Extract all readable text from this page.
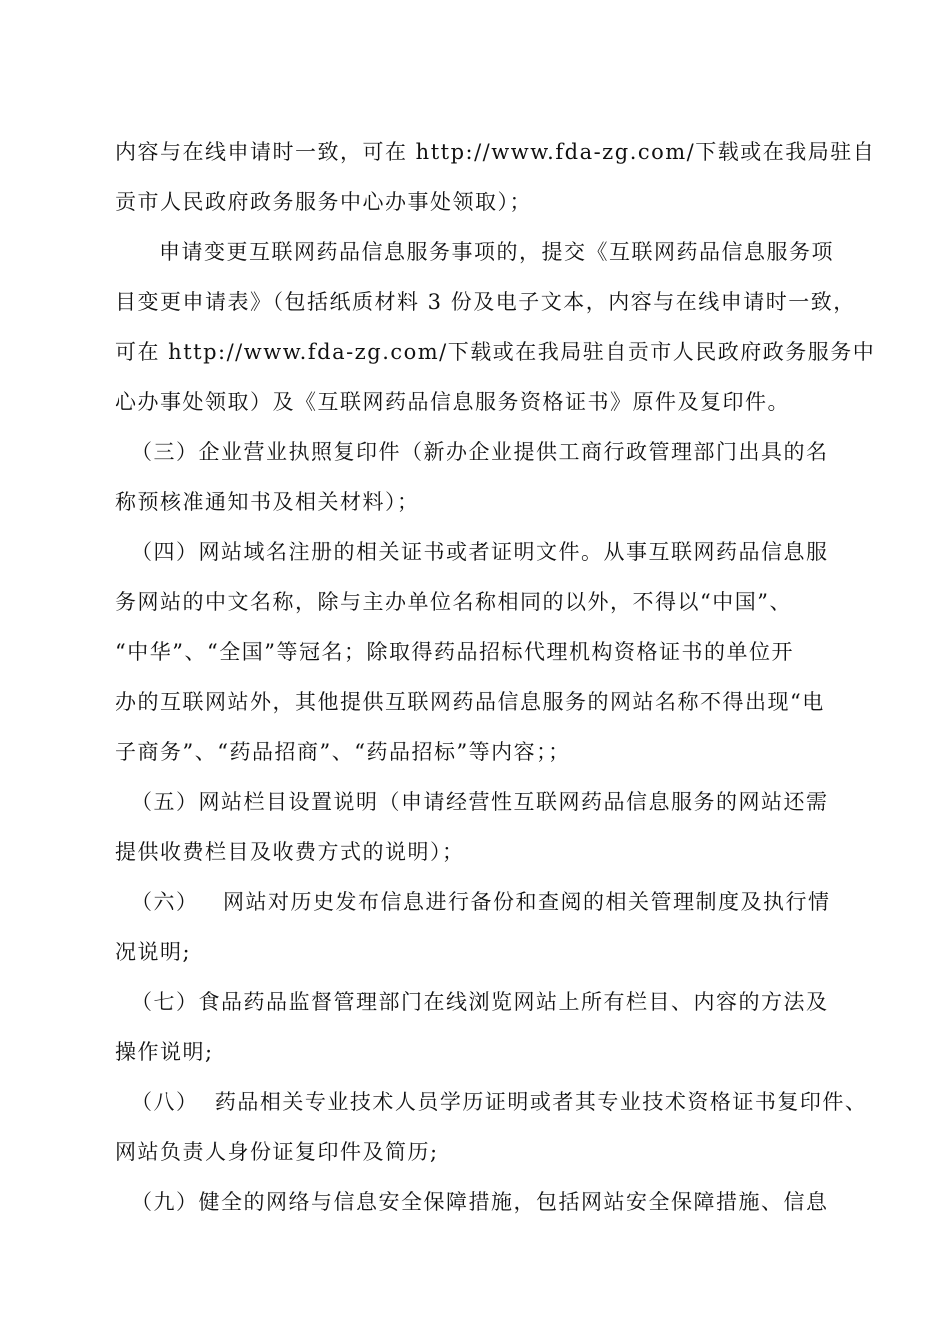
内容与在线申请时一致，可在 http://www.fda-zg.com/下载或在我局驻自
贡市人民政府政务服务中心办事处领取）；
申请变更互联网药品信息服务事项的，提交《互联网药品信息服务项
目变更申请表》（包括纸质材料 3 份及电子文本，内容与在线申请时一致，
可在 http://www.fda-zg.com/下载或在我局驻自贡市人民政府政务服务中
心办事处领取）及《互联网药品信息服务资格证书》原件及复印件。
（三）企业营业执照复印件（新办企业提供工商行政管理部门出具的名
称预核准通知书及相关材料）；
（四）网站域名注册的相关证书或者证明文件。从事互联网药品信息服
务网站的中文名称，除与主办单位名称相同的以外，不得以“中国”、
“中华”、“全国”等冠名；除取得药品招标代理机构资格证书的单位开
办的互联网站外，其他提供互联网药品信息服务的网站名称不得出现“电
子商务”、“药品招商”、“药品招标”等内容；；
（五）网站栏目设置说明（申请经营性互联网药品信息服务的网站还需
提供收费栏目及收费方式的说明）；
（六）   网站对历史发布信息进行备份和查阅的相关管理制度及执行情
况说明;
（七）食品药品监督管理部门在线浏览网站上所有栏目、内容的方法及
操作说明;
（八）  药品相关专业技术人员学历证明或者其专业技术资格证书复印件、
网站负责人身份证复印件及简历;
（九）健全的网络与信息安全保障措施，包括网站安全保障措施、信息
